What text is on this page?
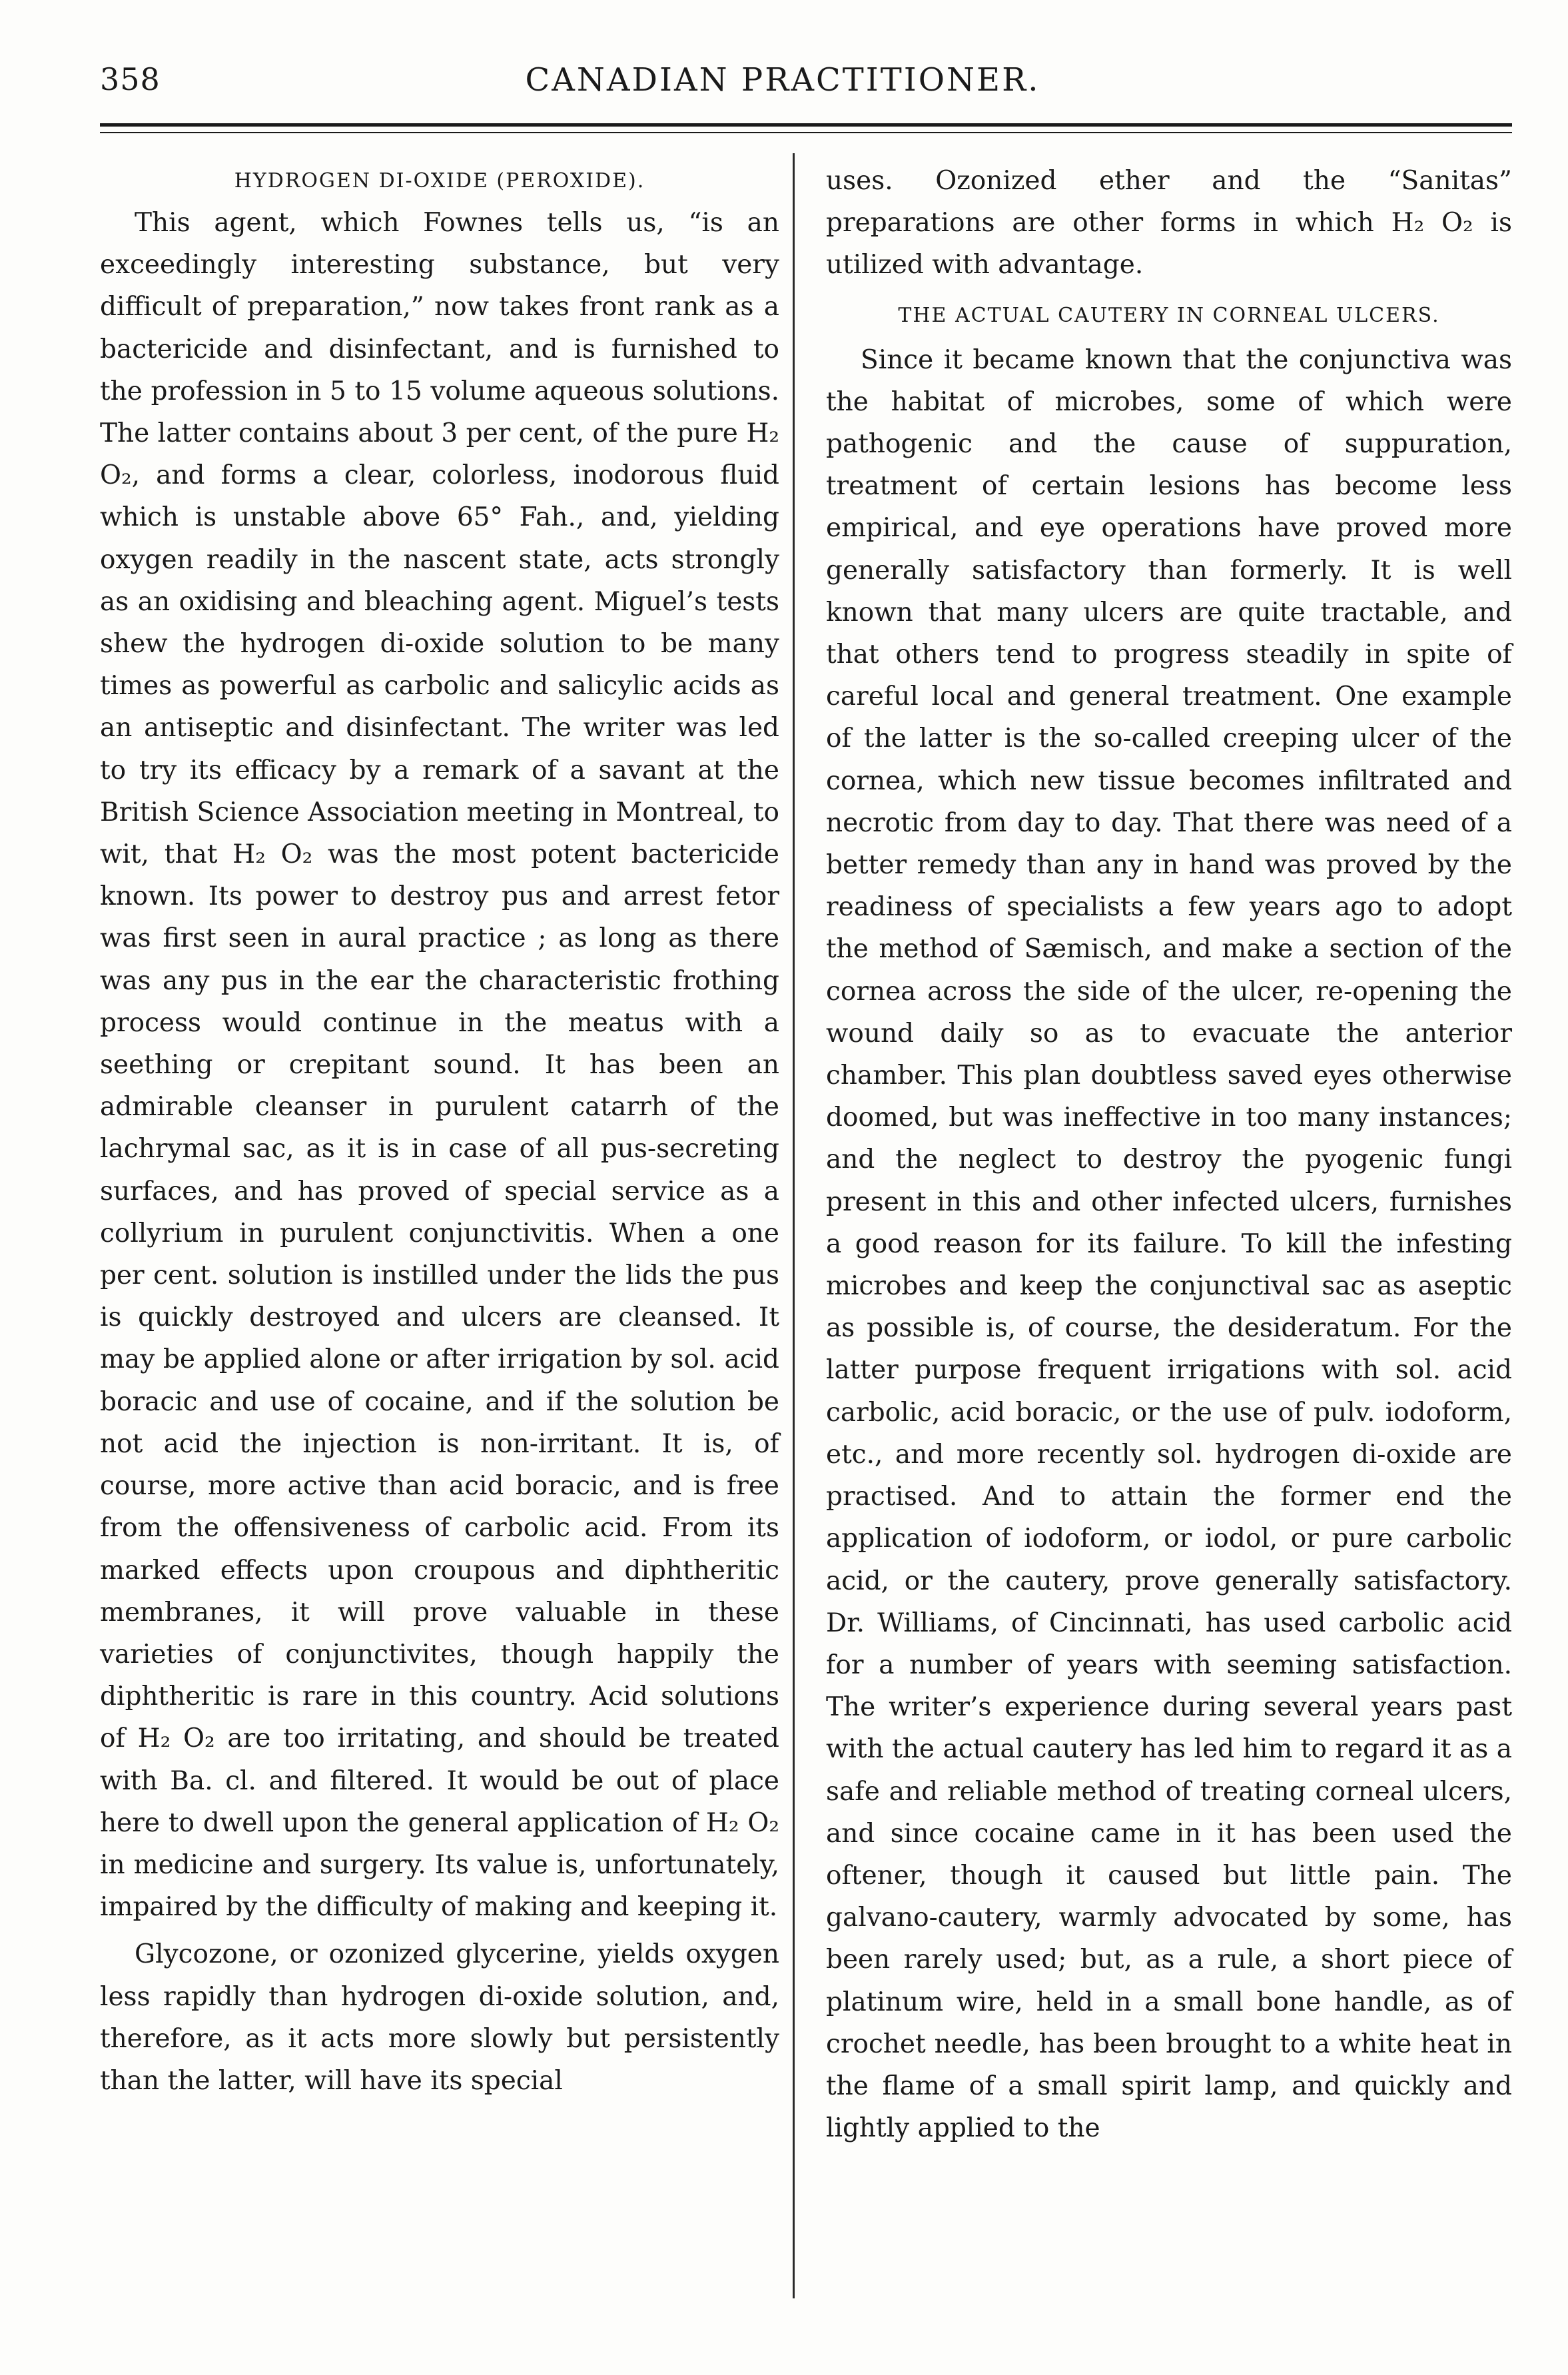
358	CANADIAN PRACTITIONER.
HYDROGEN DI-OXIDE (PEROXIDE).

This agent, which Fownes tells us, “is an exceedingly interesting substance, but very difficult of preparation,” now takes front rank as a bactericide and disinfectant, and is furnished to the profession in 5 to 15 volume aqueous solutions. The latter contains about 3 per cent, of the pure H₂ O₂, and forms a clear, colorless, inodorous fluid which is unstable above 65° Fah., and, yielding oxygen readily in the nascent state, acts strongly as an oxidising and bleaching agent. Miguel’s tests shew the hydrogen di-oxide solution to be many times as powerful as carbolic and salicylic acids as an antiseptic and disinfectant. The writer was led to try its efficacy by a remark of a savant at the British Science Association meeting in Montreal, to wit, that H₂ O₂ was the most potent bactericide known. Its power to destroy pus and arrest fetor was first seen in aural practice ; as long as there was any pus in the ear the characteristic frothing process would continue in the meatus with a seething or crepitant sound. It has been an admirable cleanser in purulent catarrh of the lachrymal sac, as it is in case of all pus-secreting surfaces, and has proved of special service as a collyrium in purulent conjunctivitis. When a one per cent. solution is instilled under the lids the pus is quickly destroyed and ulcers are cleansed. It may be applied alone or after irrigation by sol. acid boracic and use of cocaine, and if the solution be not acid the injection is non-irritant. It is, of course, more active than acid boracic, and is free from the offensiveness of carbolic acid. From its marked effects upon croupous and diphtheritic membranes, it will prove valuable in these varieties of conjunctivites, though happily the diphtheritic is rare in this country. Acid solutions of H₂ O₂ are too irritating, and should be treated with Ba. cl. and filtered. It would be out of place here to dwell upon the general application of H₂ O₂ in medicine and surgery. Its value is, unfortunately, impaired by the difficulty of making and keeping it.

Glycozone, or ozonized glycerine, yields oxygen less rapidly than hydrogen di-oxide solution, and, therefore, as it acts more slowly but persistently than the latter, will have its special

uses. Ozonized ether and the “Sanitas” preparations are other forms in which H₂ O₂ is utilized with advantage.

THE ACTUAL CAUTERY IN CORNEAL ULCERS.

Since it became known that the conjunctiva was the habitat of microbes, some of which were pathogenic and the cause of suppuration, treatment of certain lesions has become less empirical, and eye operations have proved more generally satisfactory than formerly. It is well known that many ulcers are quite tractable, and that others tend to progress steadily in spite of careful local and general treatment. One example of the latter is the so-called creeping ulcer of the cornea, which new tissue becomes infiltrated and necrotic from day to day. That there was need of a better remedy than any in hand was proved by the readiness of specialists a few years ago to adopt the method of Sæmisch, and make a section of the cornea across the side of the ulcer, re-opening the wound daily so as to evacuate the anterior chamber. This plan doubtless saved eyes otherwise doomed, but was ineffective in too many instances; and the neglect to destroy the pyogenic fungi present in this and other infected ulcers, furnishes a good reason for its failure. To kill the infesting microbes and keep the conjunctival sac as aseptic as possible is, of course, the desideratum. For the latter purpose frequent irrigations with sol. acid carbolic, acid boracic, or the use of pulv. iodoform, etc., and more recently sol. hydrogen di-oxide are practised. And to attain the former end the application of iodoform, or iodol, or pure carbolic acid, or the cautery, prove generally satisfactory. Dr. Williams, of Cincinnati, has used carbolic acid for a number of years with seeming satisfaction. The writer’s experience during several years past with the actual cautery has led him to regard it as a safe and reliable method of treating corneal ulcers, and since cocaine came in it has been used the oftener, though it caused but little pain. The galvano-cautery, warmly advocated by some, has been rarely used; but, as a rule, a short piece of platinum wire, held in a small bone handle, as of crochet needle, has been brought to a white heat in the flame of a small spirit lamp, and quickly and lightly applied to the
